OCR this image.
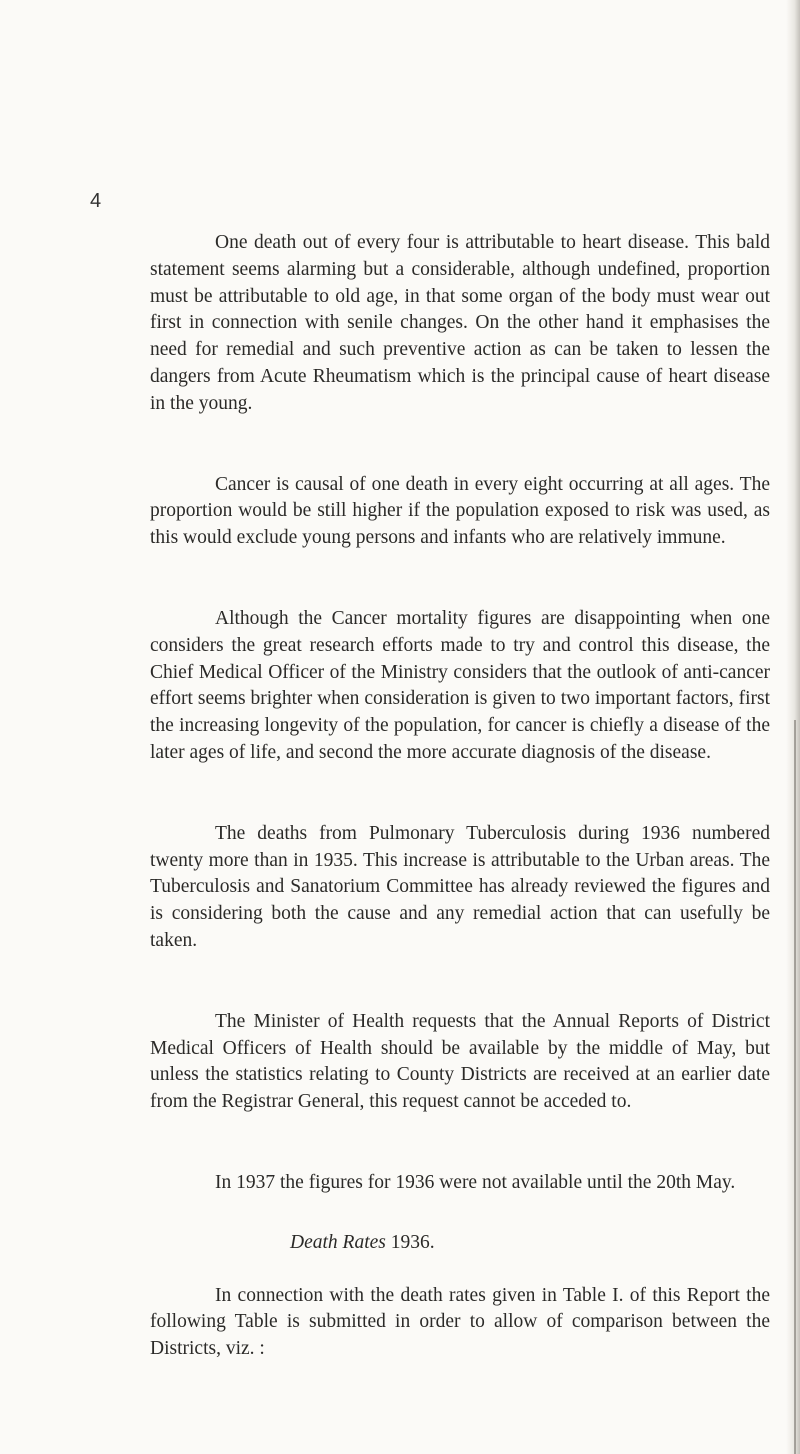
4

One death out of every four is attributable to heart disease. This bald statement seems alarming but a considerable, although undefined, proportion must be attributable to old age, in that some organ of the body must wear out first in connection with senile changes. On the other hand it emphasises the need for remedial and such preventive action as can be taken to lessen the dangers from Acute Rheumatism which is the principal cause of heart disease in the young.

Cancer is causal of one death in every eight occurring at all ages. The proportion would be still higher if the population exposed to risk was used, as this would exclude young persons and infants who are relatively immune.

Although the Cancer mortality figures are disappointing when one considers the great research efforts made to try and control this disease, the Chief Medical Officer of the Ministry considers that the outlook of anti-cancer effort seems brighter when consideration is given to two important factors, first the increasing longevity of the population, for cancer is chiefly a disease of the later ages of life, and second the more accurate diagnosis of the disease.

The deaths from Pulmonary Tuberculosis during 1936 numbered twenty more than in 1935. This increase is attributable to the Urban areas. The Tuberculosis and Sanatorium Committee has already reviewed the figures and is considering both the cause and any remedial action that can usefully be taken.

The Minister of Health requests that the Annual Reports of District Medical Officers of Health should be available by the middle of May, but unless the statistics relating to County Districts are received at an earlier date from the Registrar General, this request cannot be acceded to.

In 1937 the figures for 1936 were not available until the 20th May.

Death Rates 1936.

In connection with the death rates given in Table I. of this Report the following Table is submitted in order to allow of comparison between the Districts, viz. :
